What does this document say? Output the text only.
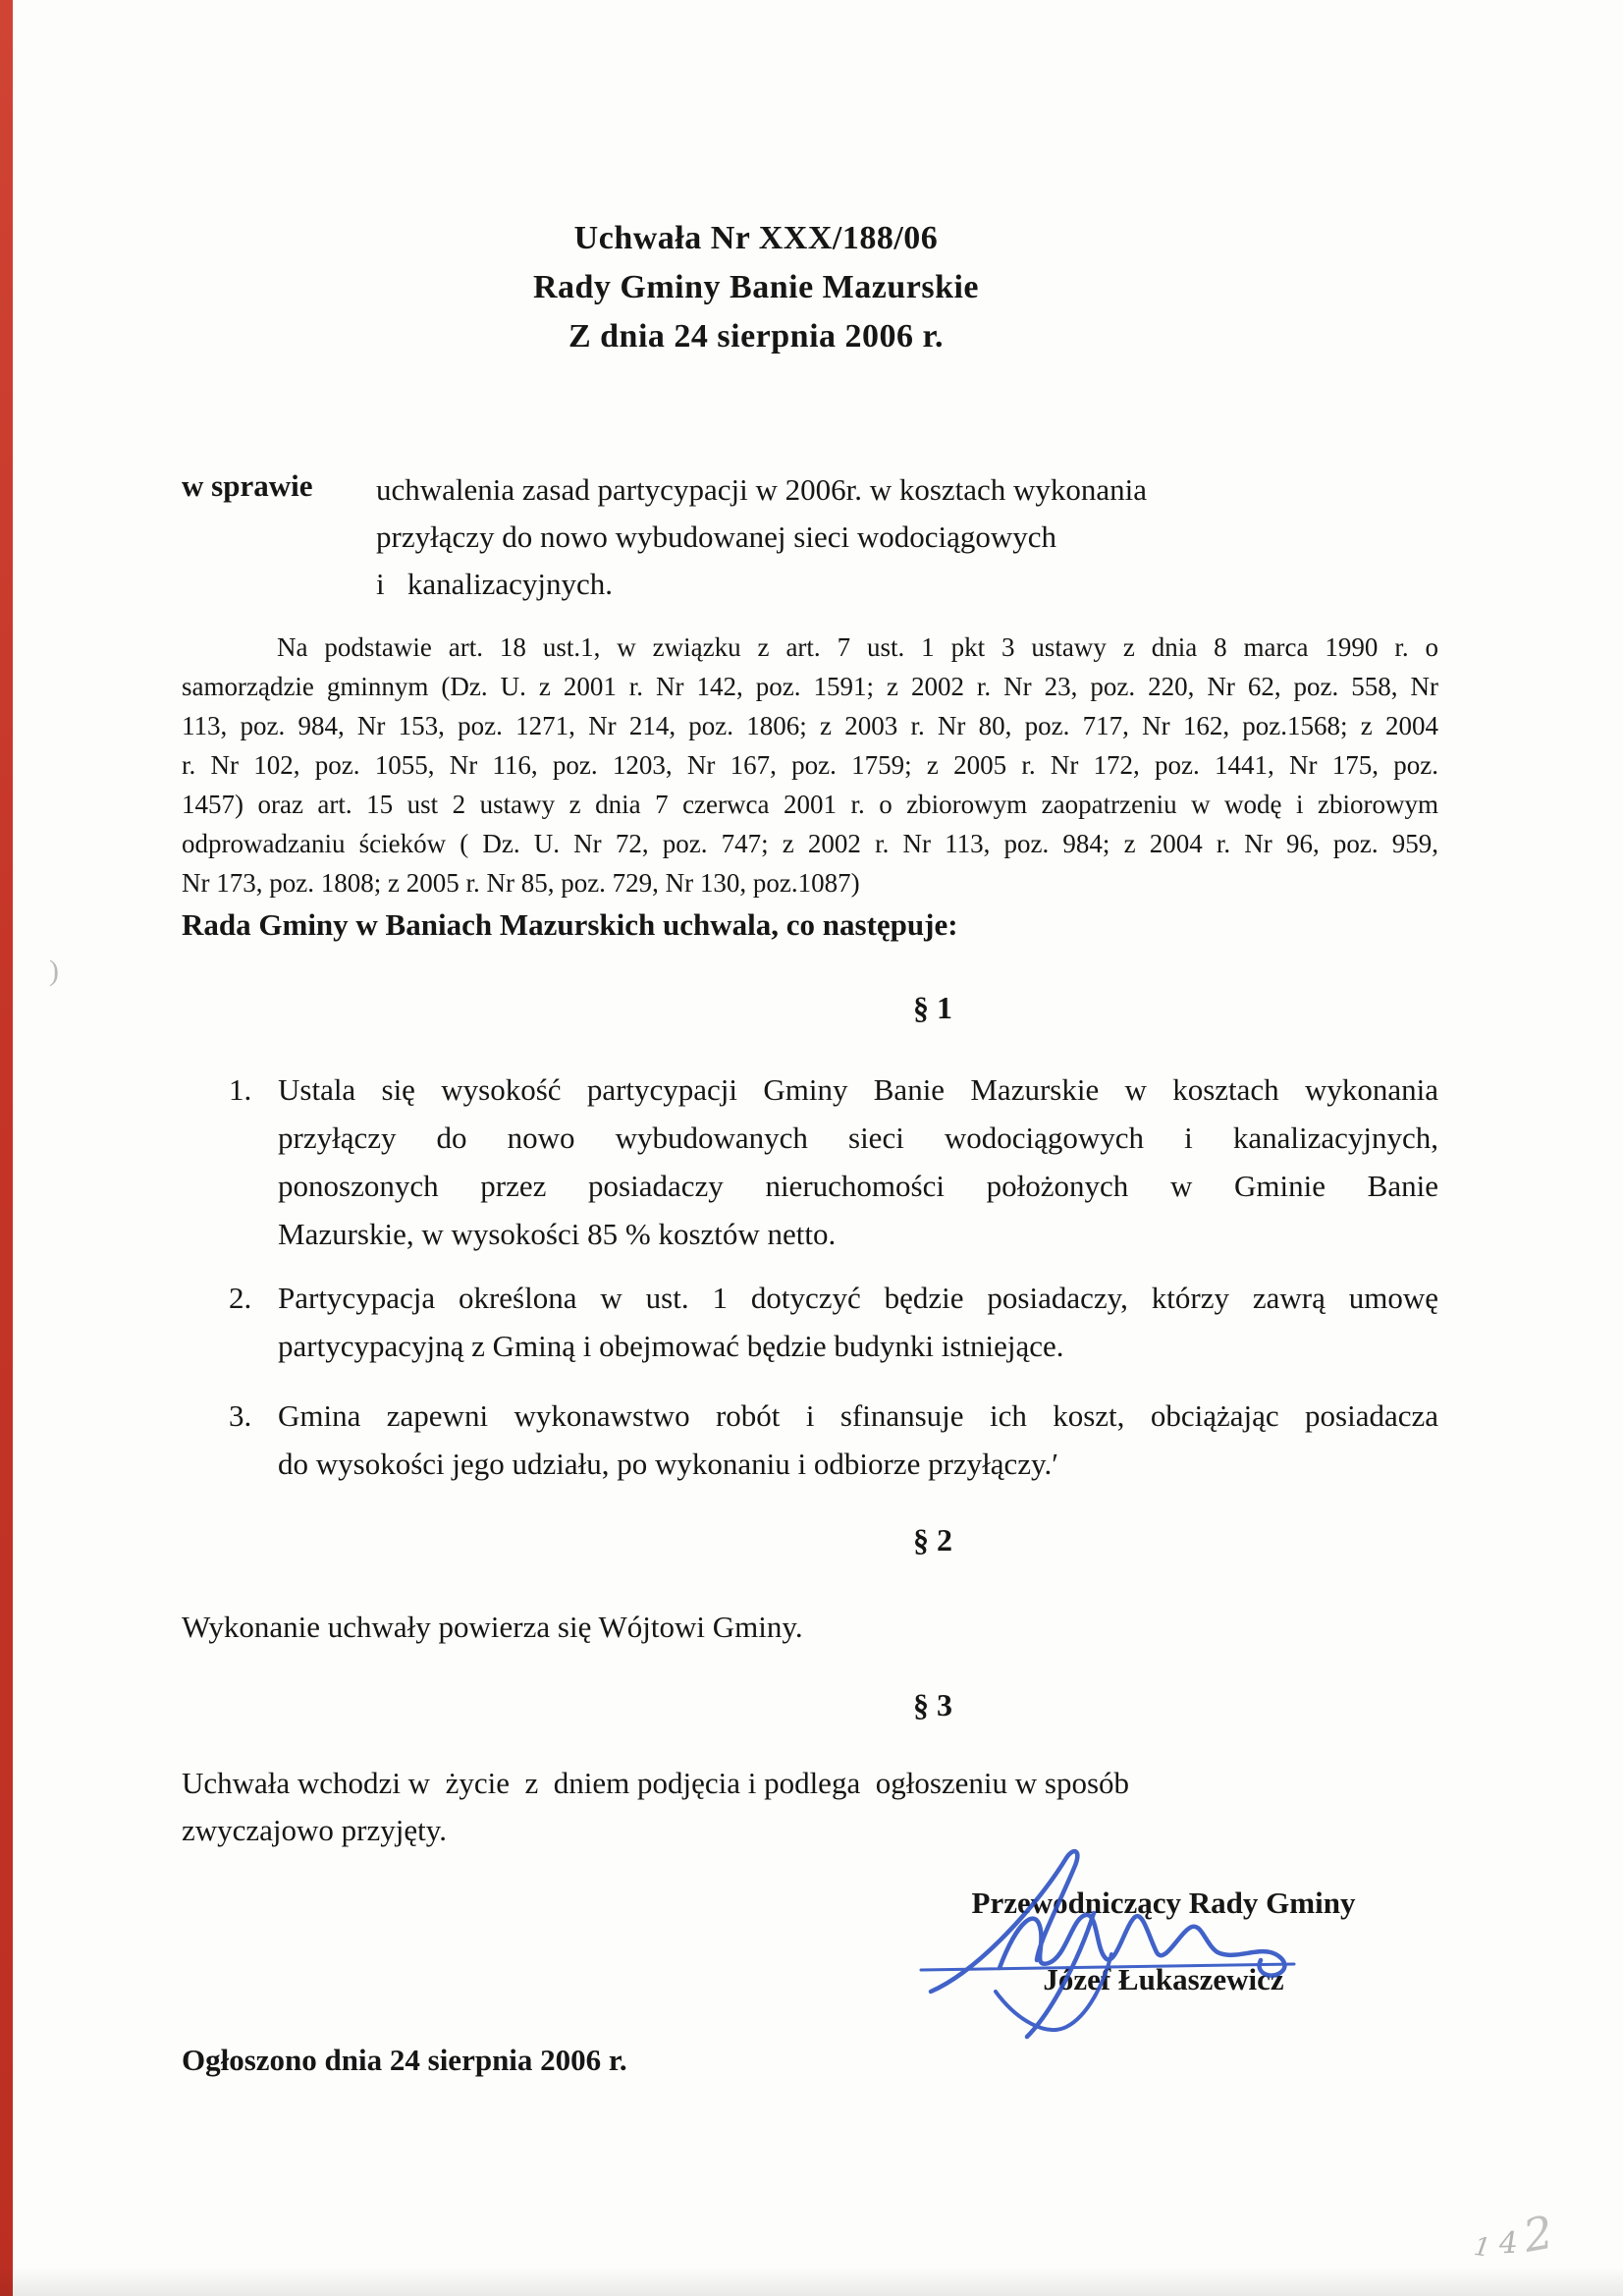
Uchwała Nr XXX/188/06
Rady Gminy Banie Mazurskie
Z dnia 24 sierpnia 2006 r.
w sprawie uchwalenia zasad partycypacji w 2006r. w kosztach wykonania
przyłączy do nowo wybudowanej sieci wodociągowych
i   kanalizacyjnych.
Na podstawie art. 18 ust.1, w związku z art. 7 ust. 1 pkt 3 ustawy z dnia 8 marca 1990 r. o
samorządzie gminnym (Dz. U. z 2001 r. Nr 142, poz. 1591; z 2002 r. Nr 23, poz. 220, Nr 62, poz. 558, Nr
113, poz. 984, Nr 153, poz. 1271, Nr 214, poz. 1806; z 2003 r. Nr 80, poz. 717, Nr 162, poz.1568; z 2004
r. Nr 102, poz. 1055, Nr 116, poz. 1203, Nr 167, poz. 1759; z 2005 r. Nr 172, poz. 1441, Nr 175, poz.
1457) oraz art. 15 ust 2 ustawy z dnia 7 czerwca 2001 r. o zbiorowym zaopatrzeniu w wodę i zbiorowym
odprowadzaniu ścieków ( Dz. U. Nr 72, poz. 747; z 2002 r. Nr 113, poz. 984; z 2004 r. Nr 96, poz. 959,
Nr 173, poz. 1808; z 2005 r. Nr 85, poz. 729, Nr 130, poz.1087)
Rada Gminy w Baniach Mazurskich uchwala, co następuje:
§ 1
1. Ustala się wysokość partycypacji Gminy Banie Mazurskie w kosztach wykonania
przyłączy do nowo wybudowanych sieci wodociągowych i kanalizacyjnych,
ponoszonych przez posiadaczy nieruchomości położonych w Gminie Banie
Mazurskie, w wysokości 85 % kosztów netto.
2. Partycypacja określona w ust. 1 dotyczyć będzie posiadaczy, którzy zawrą umowę
partycypacyjną z Gminą i obejmować będzie budynki istniejące.
3. Gmina zapewni wykonawstwo robót i sfinansuje ich koszt, obciążając posiadacza
do wysokości jego udziału, po wykonaniu i odbiorze przyłączy.′
§ 2
Wykonanie uchwały powierza się Wójtowi Gminy.
§ 3
Uchwała wchodzi w  życie  z  dniem podjęcia i podlega  ogłoszeniu w sposób
zwyczajowo przyjęty.
Przewodniczący Rady Gminy
Józef Łukaszewicz
Ogłoszono dnia 24 sierpnia 2006 r.
)
1 42
